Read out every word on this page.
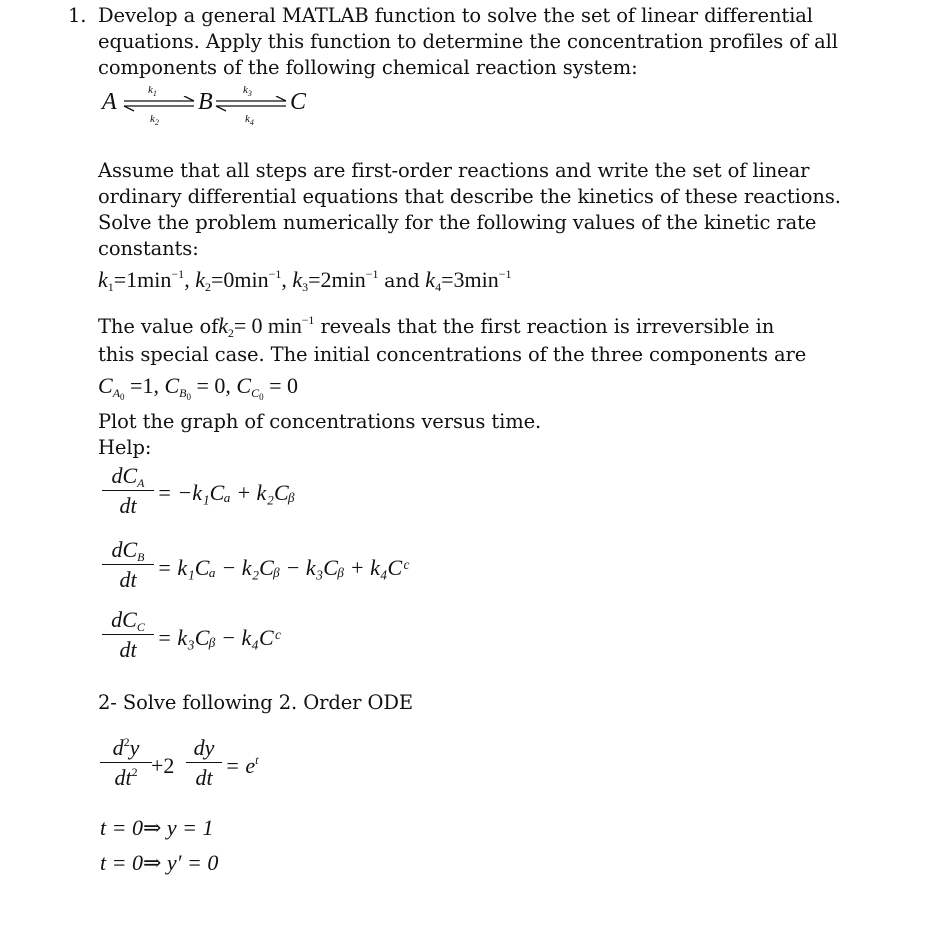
1. Develop a general MATLAB function to solve the set of linear differential
equations. Apply this function to determine the concentration profiles of all
components of the following chemical reaction system:
A	$k_1$
$k_2$
B	$k_3$
$k_4$
C
Assume that all steps are first-order reactions and write the set of linear
ordinary differential equations that describe the kinetics of these reactions.
Solve the problem numerically for the following values of the kinetic rate
constants:
$k_1=1\min^{-1}$, $k_2=0\min^{-1}$, $k_3=2\min^{-1}$ and $k_4=3\min^{-1}$
The value ofk$_2$= 0 $\min^{-1}$ reveals that the first reaction is irreversible in
this special case. The initial concentrations of the three components are
$C_{A_0} =1$, $C_{B_0} = 0$, $C_{C_0} = 0$
Plot the graph of concentrations versus time.
Help:
$dC_A$
dt
= −k₁Cₐ + k₂Cᵦ
$dC_B$
dt = k₁Cₐ − k₂Cᵦ − k₃Cᵦ + k₄Cᶜ
$dC_C$
dt = k₃Cᵦ − k₄Cᶜ
2- Solve following 2. Order ODE
$d^2y$
$dt^2 +2$
dy
dt = $e^t$
t = 0⇒ y = 1
t = 0⇒ y′ = 0
